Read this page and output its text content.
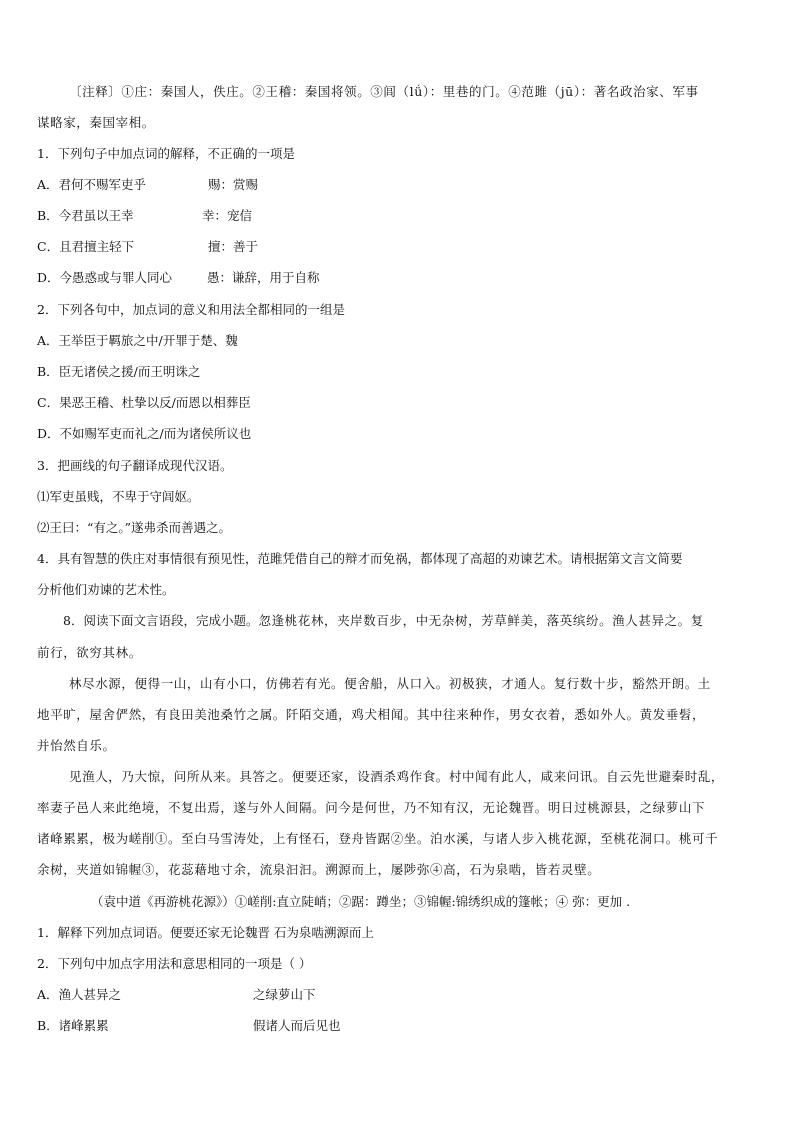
〔注释〕①庄：秦国人，佚庄。②王稽：秦国将领。③闾（lǘ）：里巷的门。④范雎（jū）：著名政治家、军事
谋略家，秦国宰相。
1．下列句子中加点词的解释，不正确的一项是
A．君何不赐军吏乎	赐：赏赐
B．今君虽以王幸	幸：宠信
C．且君擅主轻下	擅：善于
D．今愚惑或与罪人同心	愚：谦辞，用于自称
2．下列各句中，加点词的意义和用法全都相同的一组是
A．王举臣于羁旅之中/开罪于楚、魏
B．臣无诸侯之援/而王明诛之
C．果恶王稽、杜挚以反/而恩以相葬臣
D．不如赐军吏而礼之/而为诸侯所议也
3．把画线的句子翻译成现代汉语。
⑴军吏虽贱，不卑于守闾妪。
⑵王曰：“有之。”遂弗杀而善遇之。
4．具有智慧的佚庄对事情很有预见性，范雎凭借自己的辩才而免祸，都体现了高超的劝谏艺术。请根据第文言文简要
分析他们劝谏的艺术性。
8．阅读下面文言语段，完成小题。忽逢桃花林，夹岸数百步，中无杂树，芳草鲜美，落英缤纷。渔人甚异之。复
前行，欲穷其林。
林尽水源，便得一山，山有小口，仿佛若有光。便舍船，从口入。初极狭，才通人。复行数十步，豁然开朗。土
地平旷，屋舍俨然，有良田美池桑竹之属。阡陌交通，鸡犬相闻。其中往来种作，男女衣着，悉如外人。黄发垂髫，
并怡然自乐。
见渔人，乃大惊，问所从来。具答之。便要还家，设酒杀鸡作食。村中闻有此人，咸来问讯。自云先世避秦时乱，
率妻子邑人来此绝境，不复出焉，遂与外人间隔。问今是何世，乃不知有汉，无论魏晋。明日过桃源县，之绿萝山下
诸峰累累，极为嵯削①。至白马雪涛处，上有怪石，登舟皆踞②坐。泊水溪，与诸人步入桃花源，至桃花洞口。桃可千
余树，夹道如锦幄③，花蕊藉地寸余，流泉汩汩。溯源而上，屡陟弥④高，石为泉啮，皆若灵壁。
（袁中道《再游桃花源》）①嵯削:直立陡峭；②踞：蹲坐；③锦幄:锦绣织成的篷帐；④ 弥：更加 .
1．解释下列加点词语。便要还家无论魏晋 石为泉啮溯源而上
2．下列句中加点字用法和意思相同的一项是（ ）
A．渔人甚异之	之绿萝山下
B．诸峰累累	假诸人而后见也
